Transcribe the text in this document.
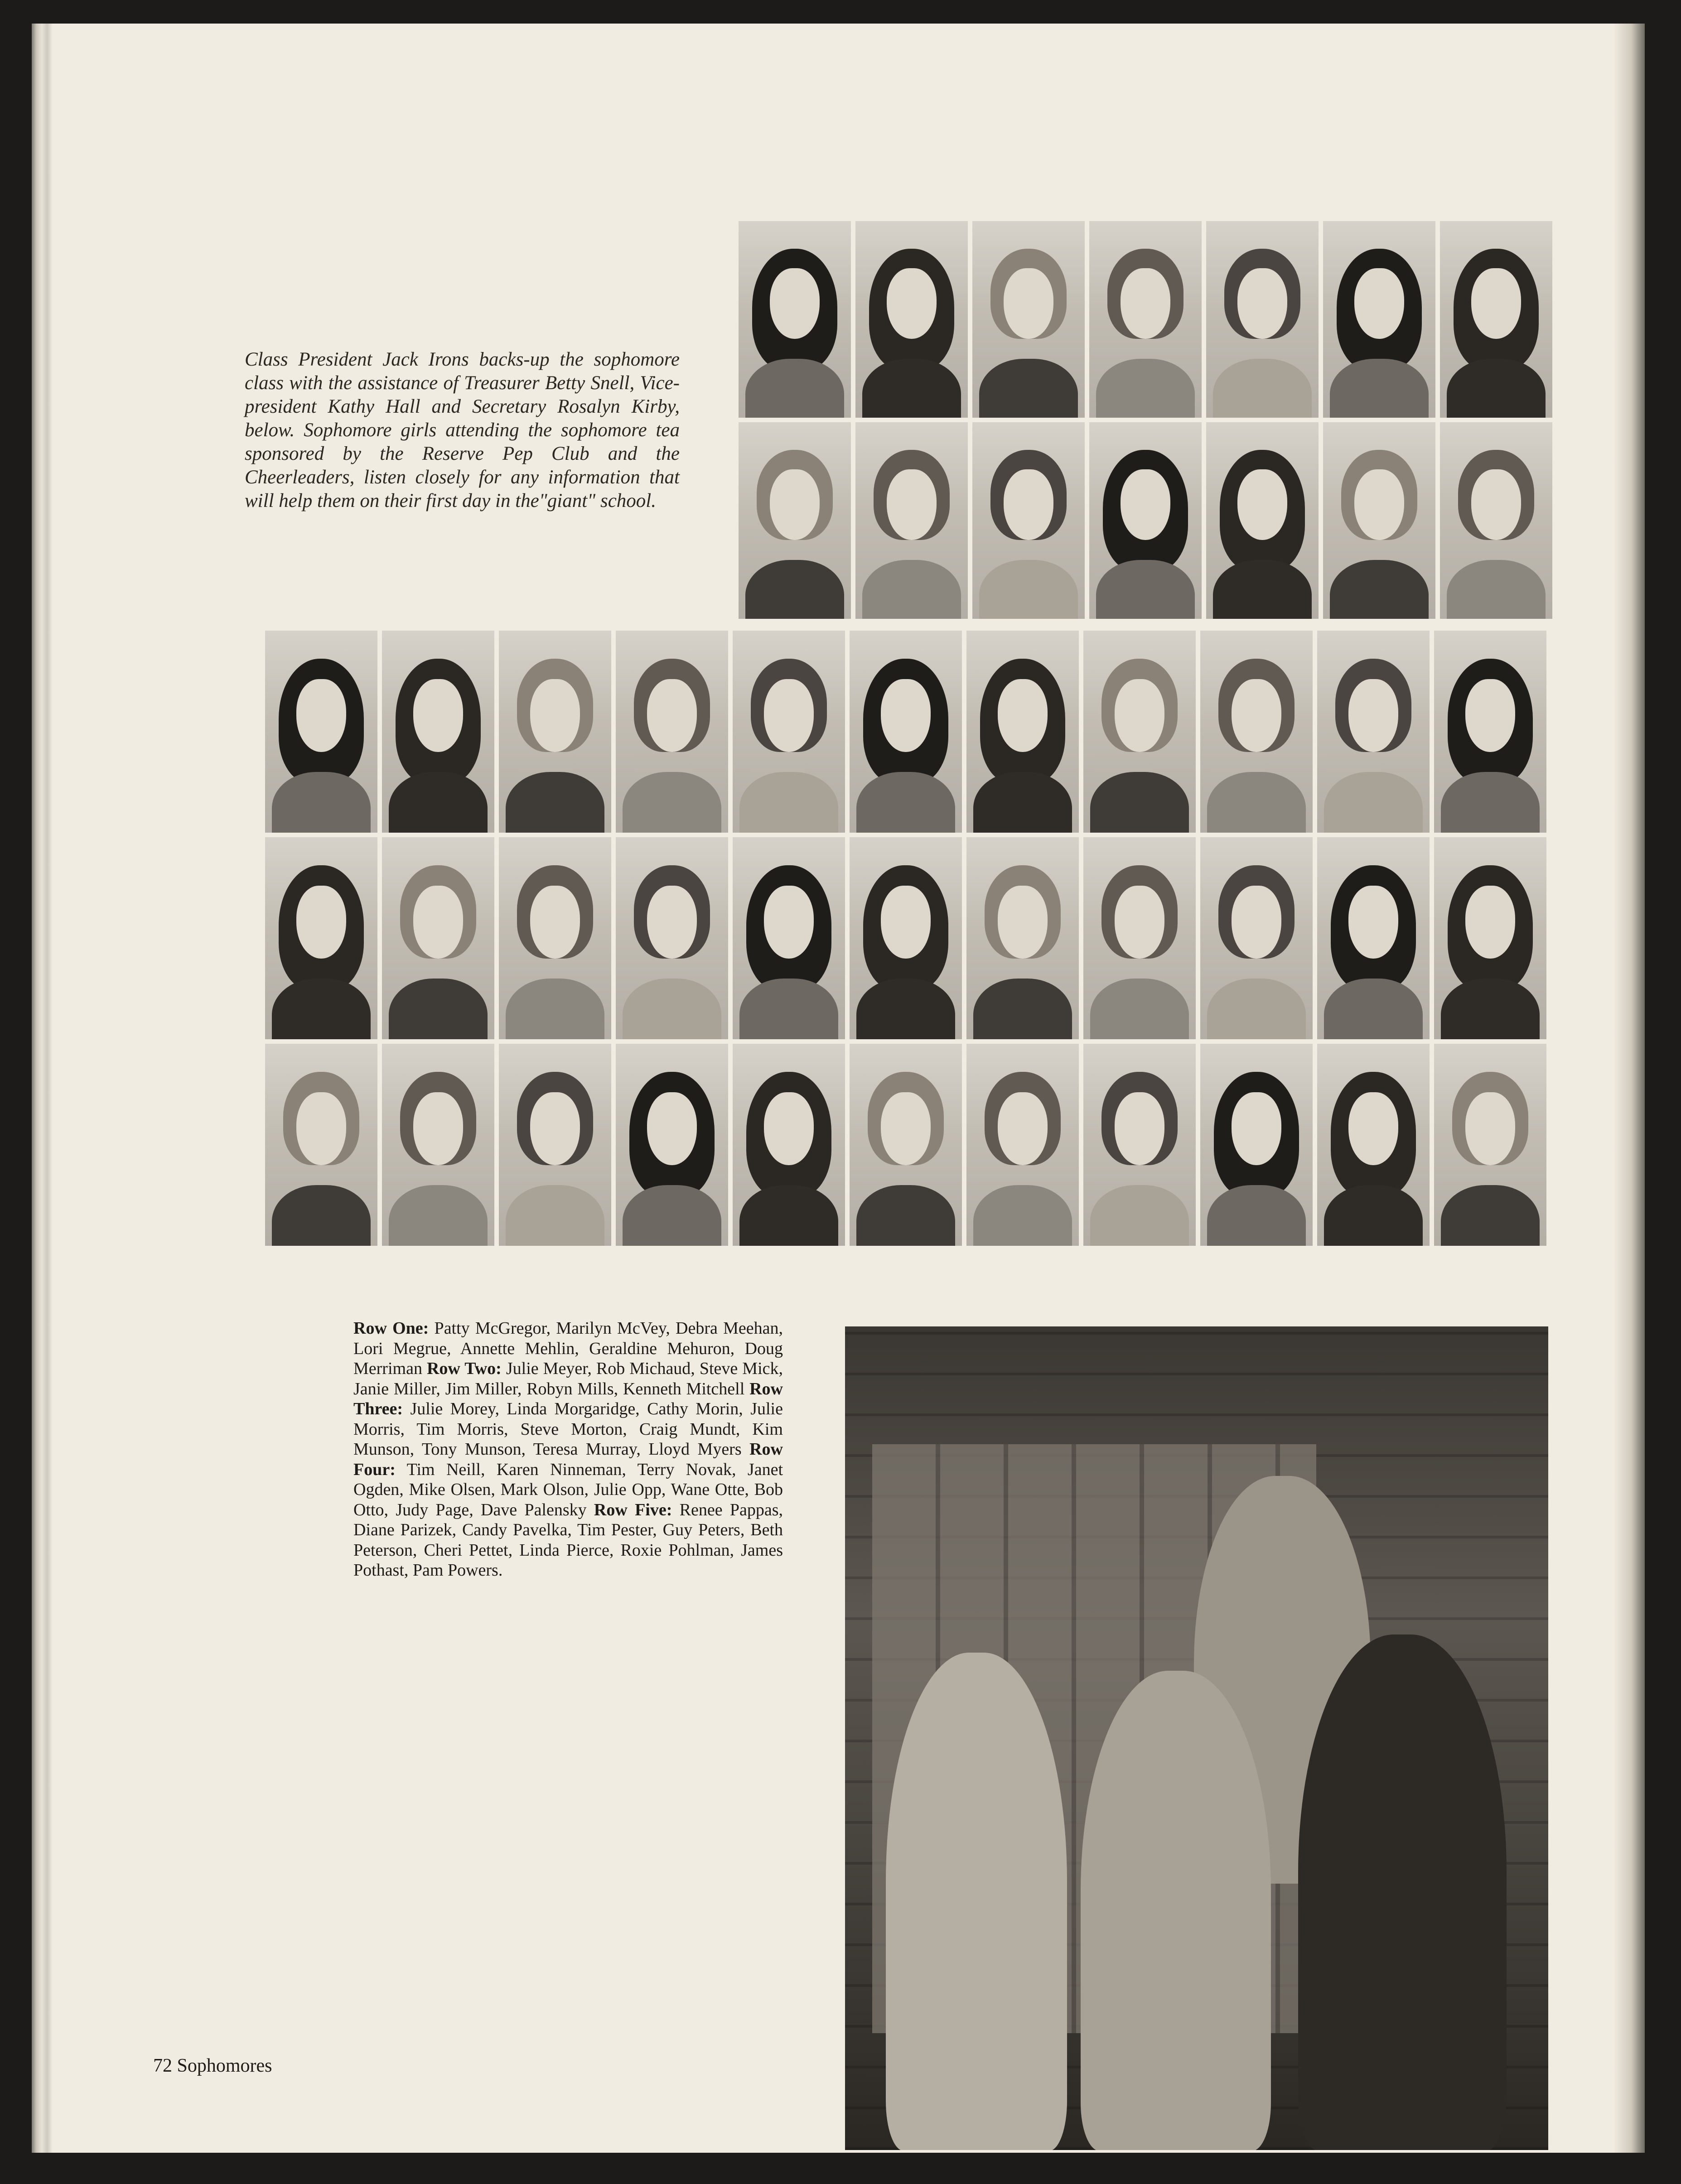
Class President Jack Irons backs-up the sophomore class with the assistance of Treasurer Betty Snell, Vice-president Kathy Hall and Secretary Rosalyn Kirby, below. Sophomore girls attending the sophomore tea sponsored by the Reserve Pep Club and the Cheerleaders, listen closely for any information that will help them on their first day in the"giant" school.

Row One: Patty McGregor, Marilyn McVey, Debra Meehan, Lori Megrue, Annette Mehlin, Geraldine Mehuron, Doug Merriman Row Two: Julie Meyer, Rob Michaud, Steve Mick, Janie Miller, Jim Miller, Robyn Mills, Kenneth Mitchell Row Three: Julie Morey, Linda Morgaridge, Cathy Morin, Julie Morris, Tim Morris, Steve Morton, Craig Mundt, Kim Munson, Tony Munson, Teresa Murray, Lloyd Myers Row Four: Tim Neill, Karen Ninneman, Terry Novak, Janet Ogden, Mike Olsen, Mark Olson, Julie Opp, Wane Otte, Bob Otto, Judy Page, Dave Palensky Row Five: Renee Pappas, Diane Parizek, Candy Pavelka, Tim Pester, Guy Peters, Beth Peterson, Cheri Pettet, Linda Pierce, Roxie Pohlman, James Pothast, Pam Powers.

72 Sophomores
